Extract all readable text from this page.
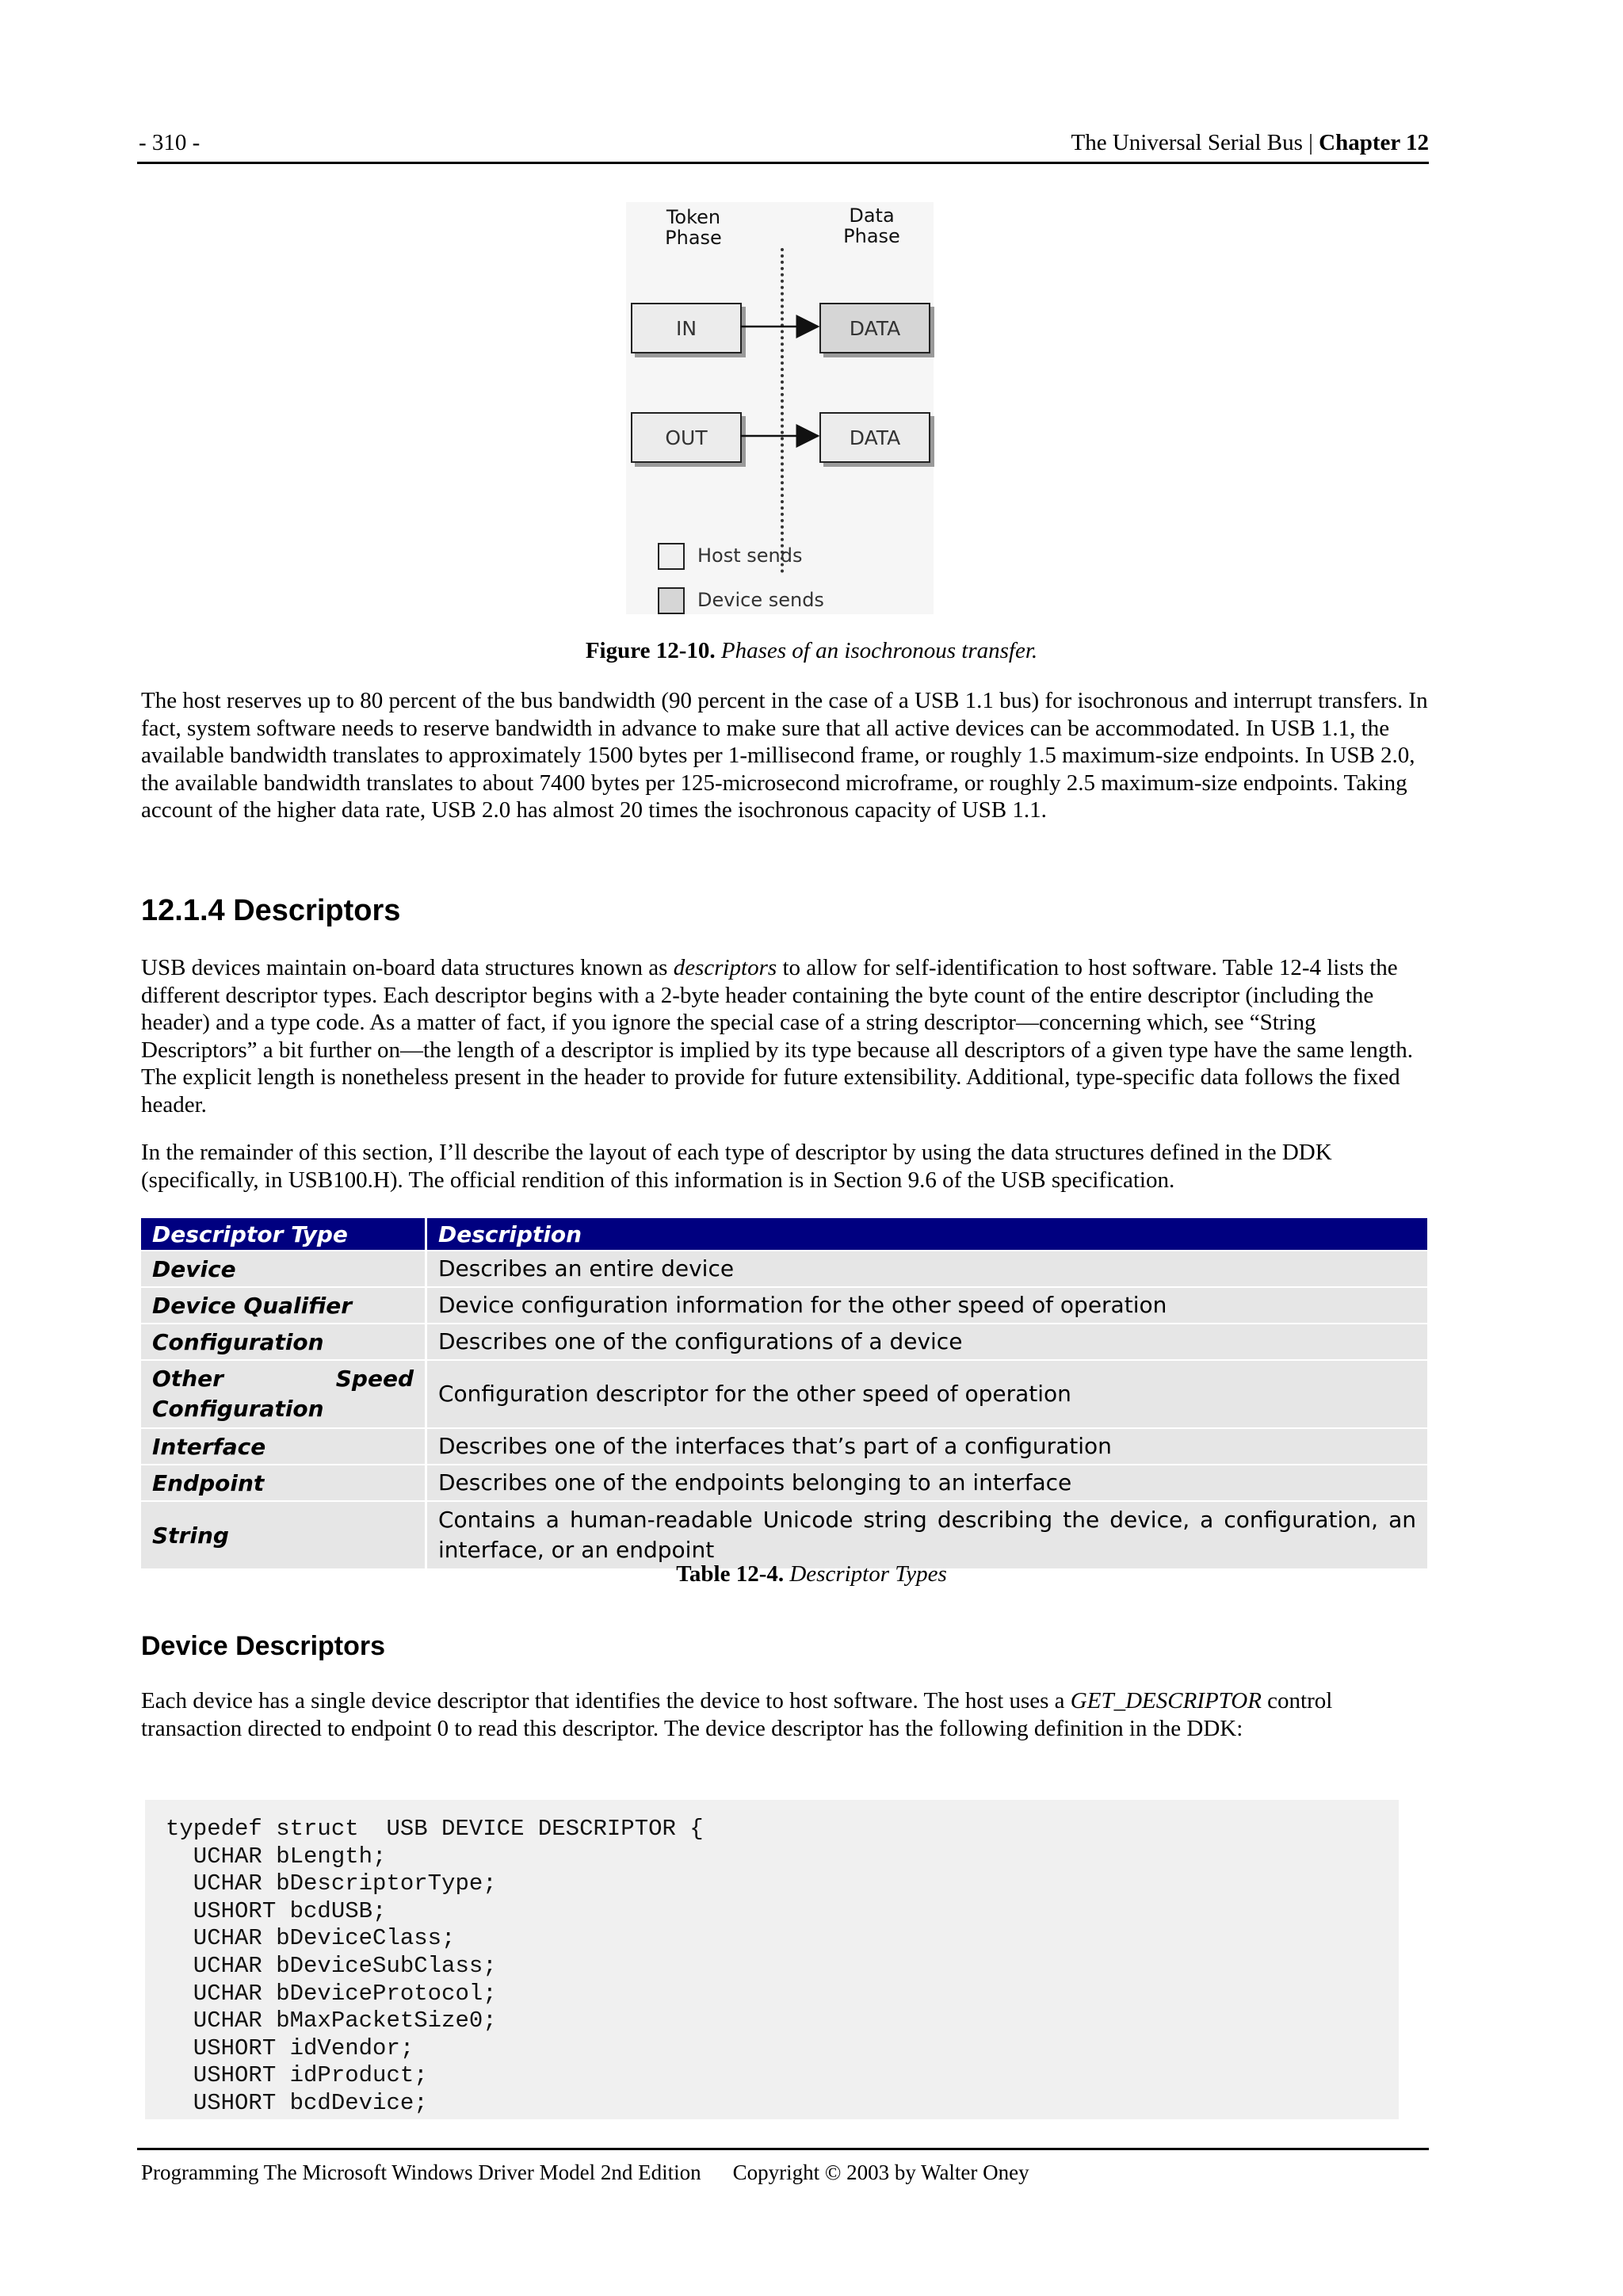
- 310 -	The Universal Serial Bus | Chapter 12
Token
Phase
Data
Phase
IN	DATA
OUT	DATA
Host sends
Device sends
Figure 12-10. Phases of an isochronous transfer.
The host reserves up to 80 percent of the bus bandwidth (90 percent in the case of a USB 1.1 bus) for isochronous and interrupt transfers. In fact, system software needs to reserve bandwidth in advance to make sure that all active devices can be accommodated. In USB 1.1, the available bandwidth translates to approximately 1500 bytes per 1-millisecond frame, or roughly 1.5 maximum-size endpoints. In USB 2.0, the available bandwidth translates to about 7400 bytes per 125-microsecond microframe, or roughly 2.5 maximum-size endpoints. Taking account of the higher data rate, USB 2.0 has almost 20 times the isochronous capacity of USB 1.1.
12.1.4 Descriptors
USB devices maintain on-board data structures known as descriptors to allow for self-identification to host software. Table 12-4 lists the different descriptor types. Each descriptor begins with a 2-byte header containing the byte count of the entire descriptor (including the header) and a type code. As a matter of fact, if you ignore the special case of a string descriptor—concerning which, see “String Descriptors” a bit further on—the length of a descriptor is implied by its type because all descriptors of a given type have the same length. The explicit length is nonetheless present in the header to provide for future extensibility. Additional, type-specific data follows the fixed header.
In the remainder of this section, I’ll describe the layout of each type of descriptor by using the data structures defined in the DDK (specifically, in USB100.H). The official rendition of this information is in Section 9.6 of the USB specification.
Descriptor Type	Description
Device	Describes an entire device
Device Qualifier	Device configuration information for the other speed of operation
Configuration	Describes one of the configurations of a device

Other Speed
Configuration	Configuration descriptor for the other speed of operation
Interface	Describes one of the interfaces that’s part of a configuration
Endpoint	Describes one of the endpoints belonging to an interface
String	Contains a human-readable Unicode string describing the device, a configuration, an interface, or an endpoint
Table 12-4. Descriptor Types
Device Descriptors
Each device has a single device descriptor that identifies the device to host software. The host uses a GET_DESCRIPTOR control transaction directed to endpoint 0 to read this descriptor. The device descriptor has the following definition in the DDK:
typedef struct  USB DEVICE DESCRIPTOR {
UCHAR bLength;
UCHAR bDescriptorType;
USHORT bcdUSB;
UCHAR bDeviceClass;
UCHAR bDeviceSubClass;
UCHAR bDeviceProtocol;
UCHAR bMaxPacketSize0;
USHORT idVendor;
USHORT idProduct;
USHORT bcdDevice;
Programming The Microsoft Windows Driver Model 2nd Edition Copyright © 2003 by Walter Oney
